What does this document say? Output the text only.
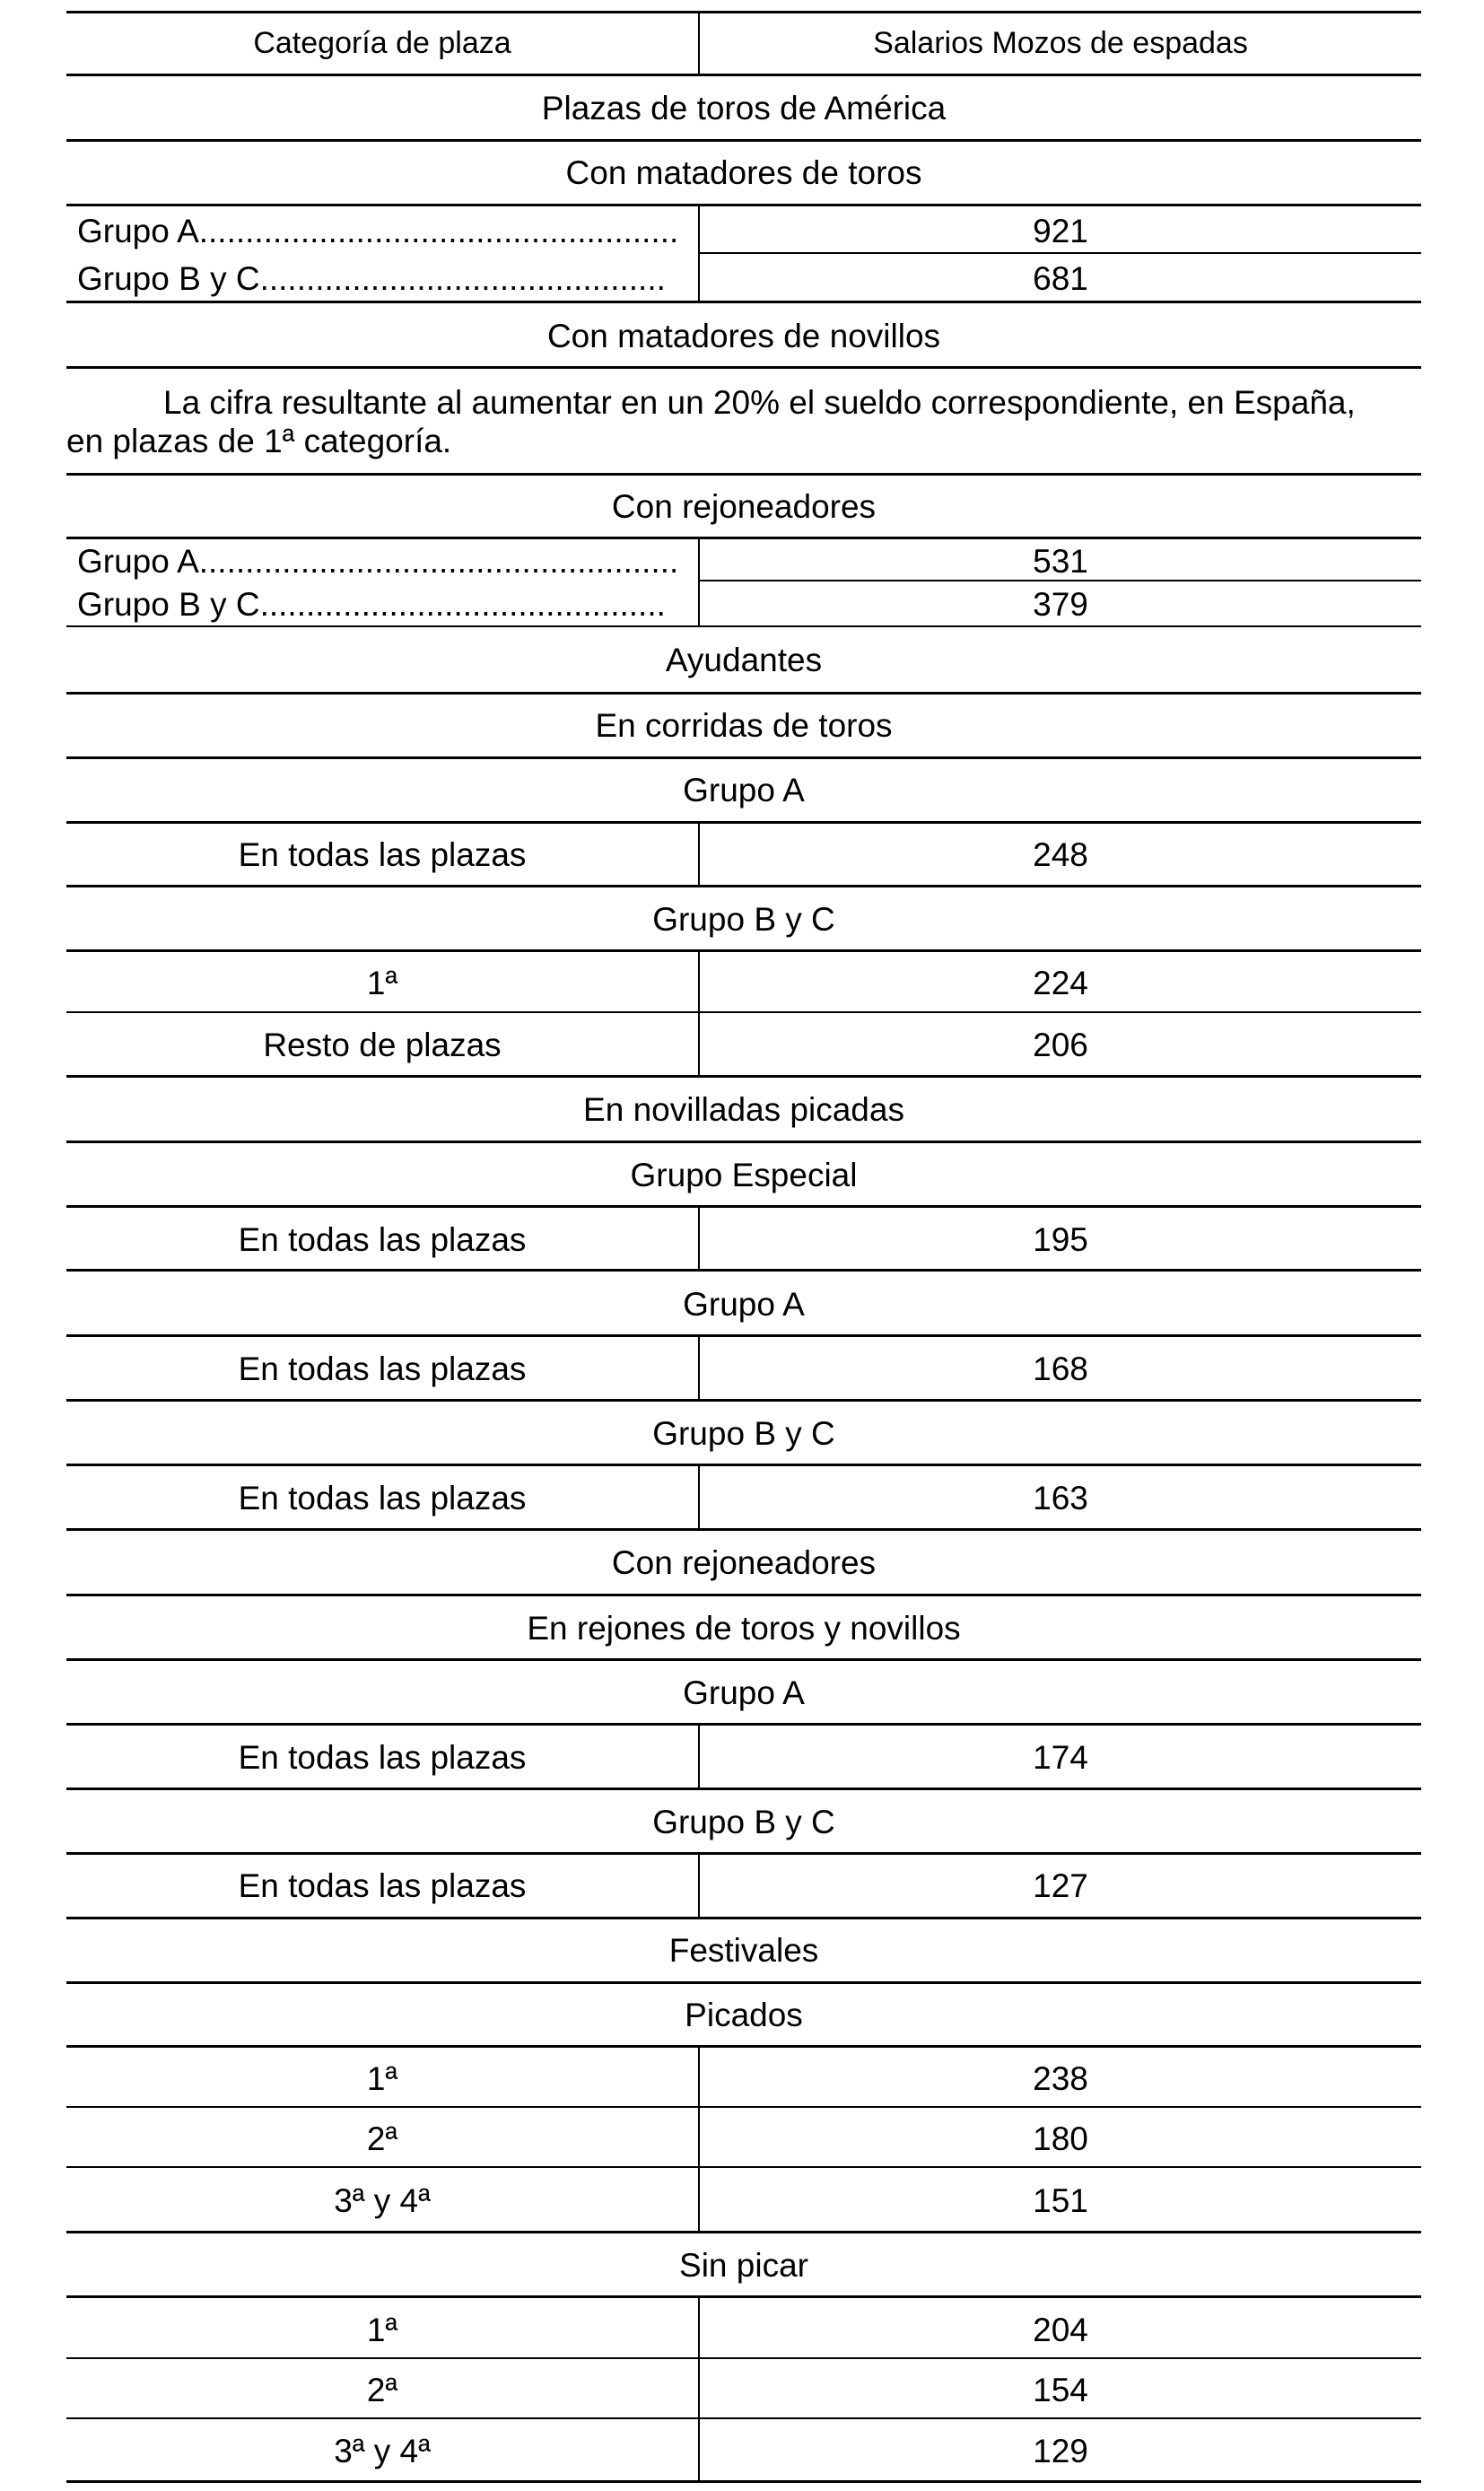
Categoría de plaza	Salarios Mozos de espadas
Plazas de toros de América
Con matadores de toros
Grupo A....................................................	921
Grupo B y C............................................	681
Con matadores de novillos
La cifra resultante al aumentar en un 20% el sueldo correspondiente, en España,
en plazas de 1ª categoría.
Con rejoneadores
Grupo A....................................................	531
Grupo B y C............................................	379
Ayudantes
En corridas de toros
Grupo A
En todas las plazas	248
Grupo B y C
1ª	224
Resto de plazas	206
En novilladas picadas
Grupo Especial
En todas las plazas	195
Grupo A
En todas las plazas	168
Grupo B y C
En todas las plazas	163
Con rejoneadores
En rejones de toros y novillos
Grupo A
En todas las plazas	174
Grupo B y C
En todas las plazas	127
Festivales
Picados
1ª	238
2ª	180
3ª y 4ª	151
Sin picar
1ª	204
2ª	154
3ª y 4ª	129
